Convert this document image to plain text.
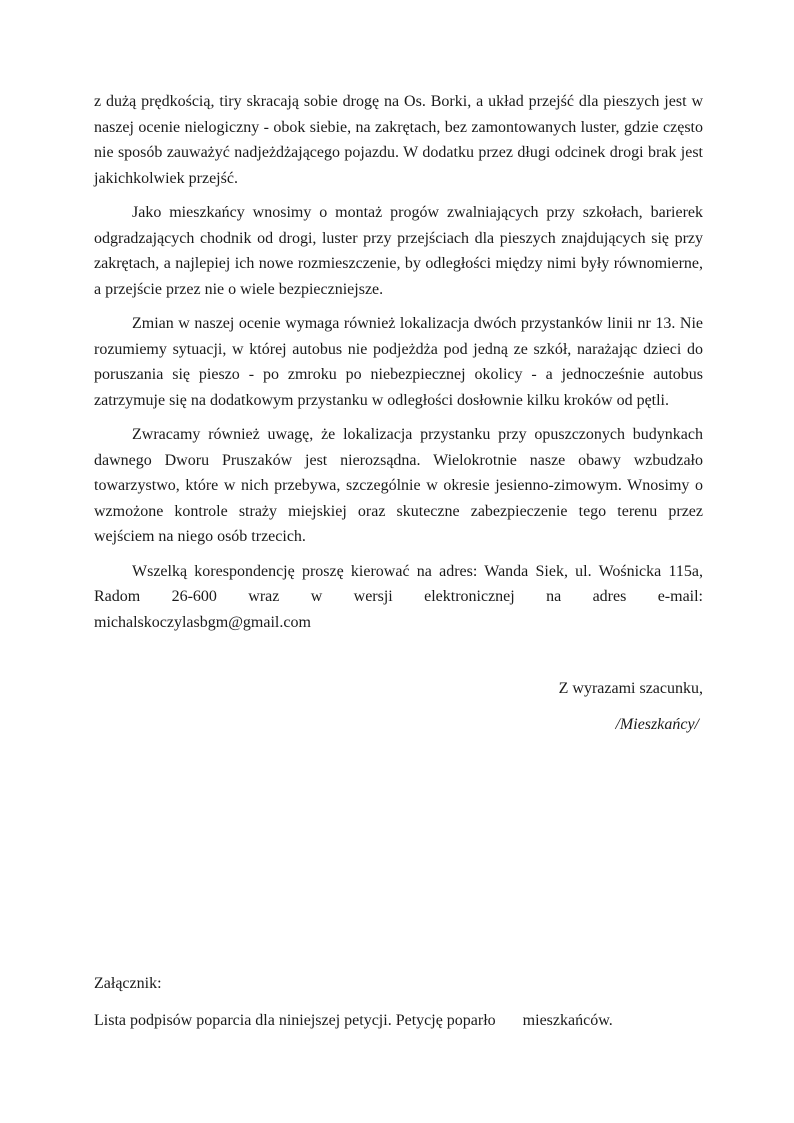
z dużą prędkością, tiry skracają sobie drogę na Os. Borki, a układ przejść dla pieszych jest w naszej ocenie nielogiczny - obok siebie, na zakrętach, bez zamontowanych luster, gdzie często nie sposób zauważyć nadjeżdżającego pojazdu. W dodatku przez długi odcinek drogi brak jest jakichkolwiek przejść.

Jako mieszkańcy wnosimy o montaż progów zwalniających przy szkołach, barierek odgradzających chodnik od drogi, luster przy przejściach dla pieszych znajdujących się przy zakrętach, a najlepiej ich nowe rozmieszczenie, by odległości między nimi były równomierne, a przejście przez nie o wiele bezpieczniejsze.

Zmian w naszej ocenie wymaga również lokalizacja dwóch przystanków linii nr 13. Nie rozumiemy sytuacji, w której autobus nie podjeżdża pod jedną ze szkół, narażając dzieci do poruszania się pieszo - po zmroku po niebezpiecznej okolicy - a jednocześnie autobus zatrzymuje się na dodatkowym przystanku w odległości dosłownie kilku kroków od pętli.

Zwracamy również uwagę, że lokalizacja przystanku przy opuszczonych budynkach dawnego Dworu Pruszaków jest nierozsądna. Wielokrotnie nasze obawy wzbudzało towarzystwo, które w nich przebywa, szczególnie w okresie jesienno-zimowym. Wnosimy o wzmożone kontrole straży miejskiej oraz skuteczne zabezpieczenie tego terenu przez wejściem na niego osób trzecich.

Wszelką korespondencję proszę kierować na adres: Wanda Siek, ul. Wośnicka 115a, Radom 26-600 wraz w wersji elektronicznej na adres e-mail: michalskoczylasbgm@gmail.com

Z wyrazami szacunku,

/Mieszkańcy/

Załącznik:

Lista podpisów poparcia dla niniejszej petycji. Petycję poparło mieszkańców.
